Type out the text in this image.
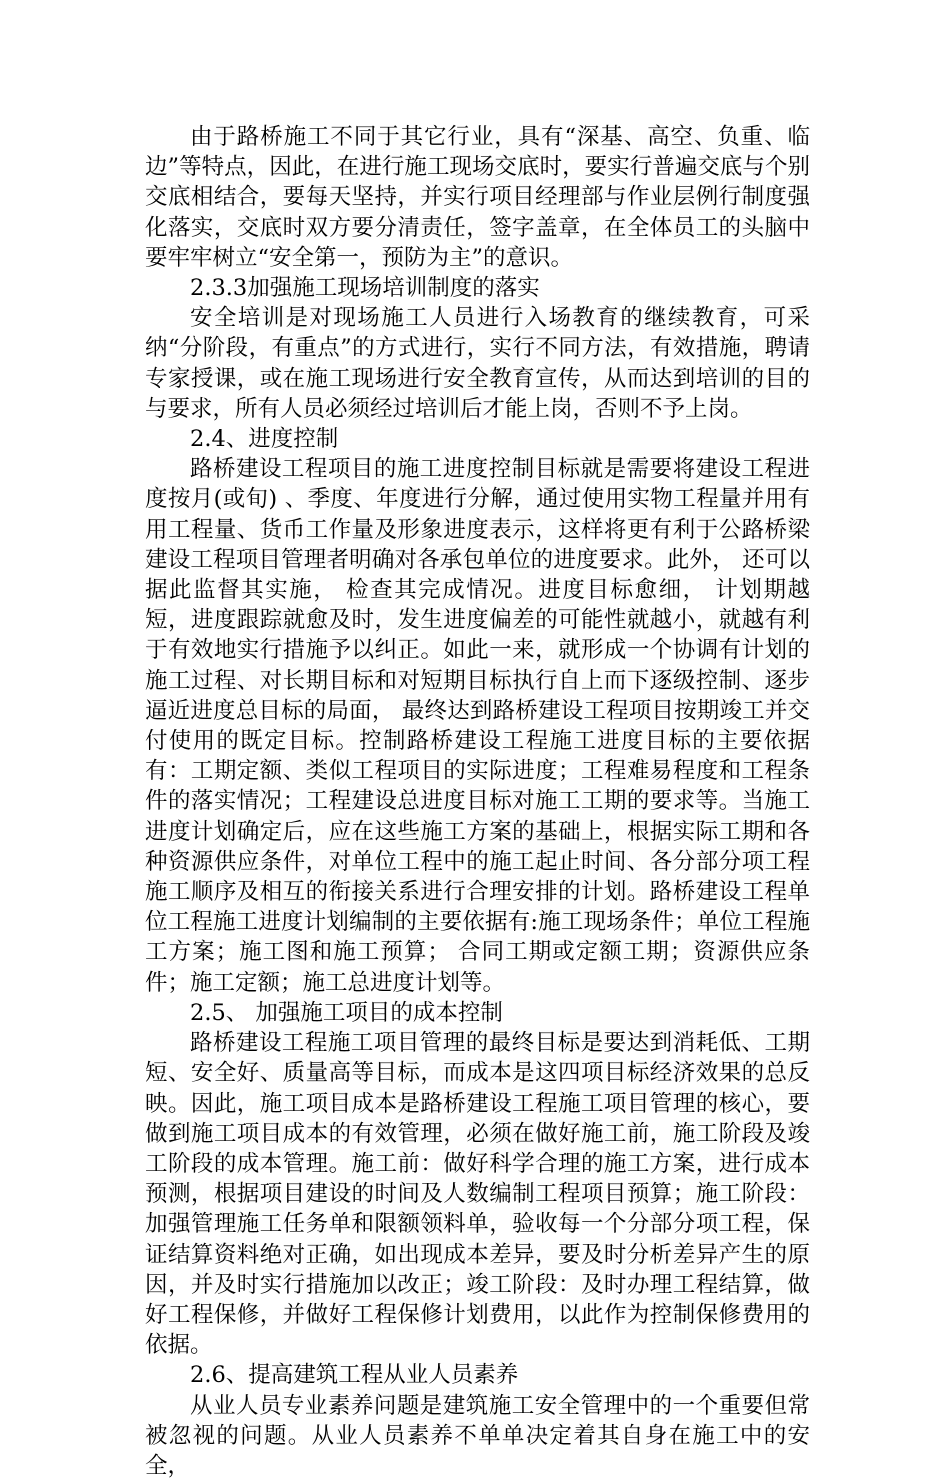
由于路桥施工不同于其它行业，具有“深基、高空、负重、临边”等特点，因此，在进行施工现场交底时，要实行普遍交底与个别交底相结合，要每天坚持，并实行项目经理部与作业层例行制度强化落实，交底时双方要分清责任，签字盖章，在全体员工的头脑中要牢牢树立“安全第一，预防为主”的意识。

2.3.3加强施工现场培训制度的落实

安全培训是对现场施工人员进行入场教育的继续教育，可采纳“分阶段，有重点”的方式进行，实行不同方法，有效措施，聘请专家授课，或在施工现场进行安全教育宣传，从而达到培训的目的与要求，所有人员必须经过培训后才能上岗，否则不予上岗。

2.4、进度控制

路桥建设工程项目的施工进度控制目标就是需要将建设工程进度按月(或旬) 、季度、年度进行分解，通过使用实物工程量并用有用工程量、货币工作量及形象进度表示，这样将更有利于公路桥梁建设工程项目管理者明确对各承包单位的进度要求。此外， 还可以据此监督其实施， 检查其完成情况。进度目标愈细， 计划期越短，进度跟踪就愈及时，发生进度偏差的可能性就越小，就越有利于有效地实行措施予以纠正。如此一来，就形成一个协调有计划的施工过程、对长期目标和对短期目标执行自上而下逐级控制、逐步逼近进度总目标的局面， 最终达到路桥建设工程项目按期竣工并交付使用的既定目标。控制路桥建设工程施工进度目标的主要依据有：工期定额、类似工程项目的实际进度；工程难易程度和工程条件的落实情况；工程建设总进度目标对施工工期的要求等。当施工进度计划确定后，应在这些施工方案的基础上，根据实际工期和各种资源供应条件，对单位工程中的施工起止时间、各分部分项工程施工顺序及相互的衔接关系进行合理安排的计划。路桥建设工程单位工程施工进度计划编制的主要依据有:施工现场条件；单位工程施工方案；施工图和施工预算； 合同工期或定额工期；资源供应条件；施工定额；施工总进度计划等。

2.5、 加强施工项目的成本控制

路桥建设工程施工项目管理的最终目标是要达到消耗低、工期短、安全好、质量高等目标，而成本是这四项目标经济效果的总反映。因此，施工项目成本是路桥建设工程施工项目管理的核心，要做到施工项目成本的有效管理，必须在做好施工前，施工阶段及竣工阶段的成本管理。施工前：做好科学合理的施工方案，进行成本预测，根据项目建设的时间及人数编制工程项目预算；施工阶段：加强管理施工任务单和限额领料单，验收每一个分部分项工程，保证结算资料绝对正确，如出现成本差异，要及时分析差异产生的原因，并及时实行措施加以改正；竣工阶段：及时办理工程结算，做好工程保修，并做好工程保修计划费用，以此作为控制保修费用的依据。

2.6、提高建筑工程从业人员素养

从业人员专业素养问题是建筑施工安全管理中的一个重要但常被忽视的问题。从业人员素养不单单决定着其自身在施工中的安全，
